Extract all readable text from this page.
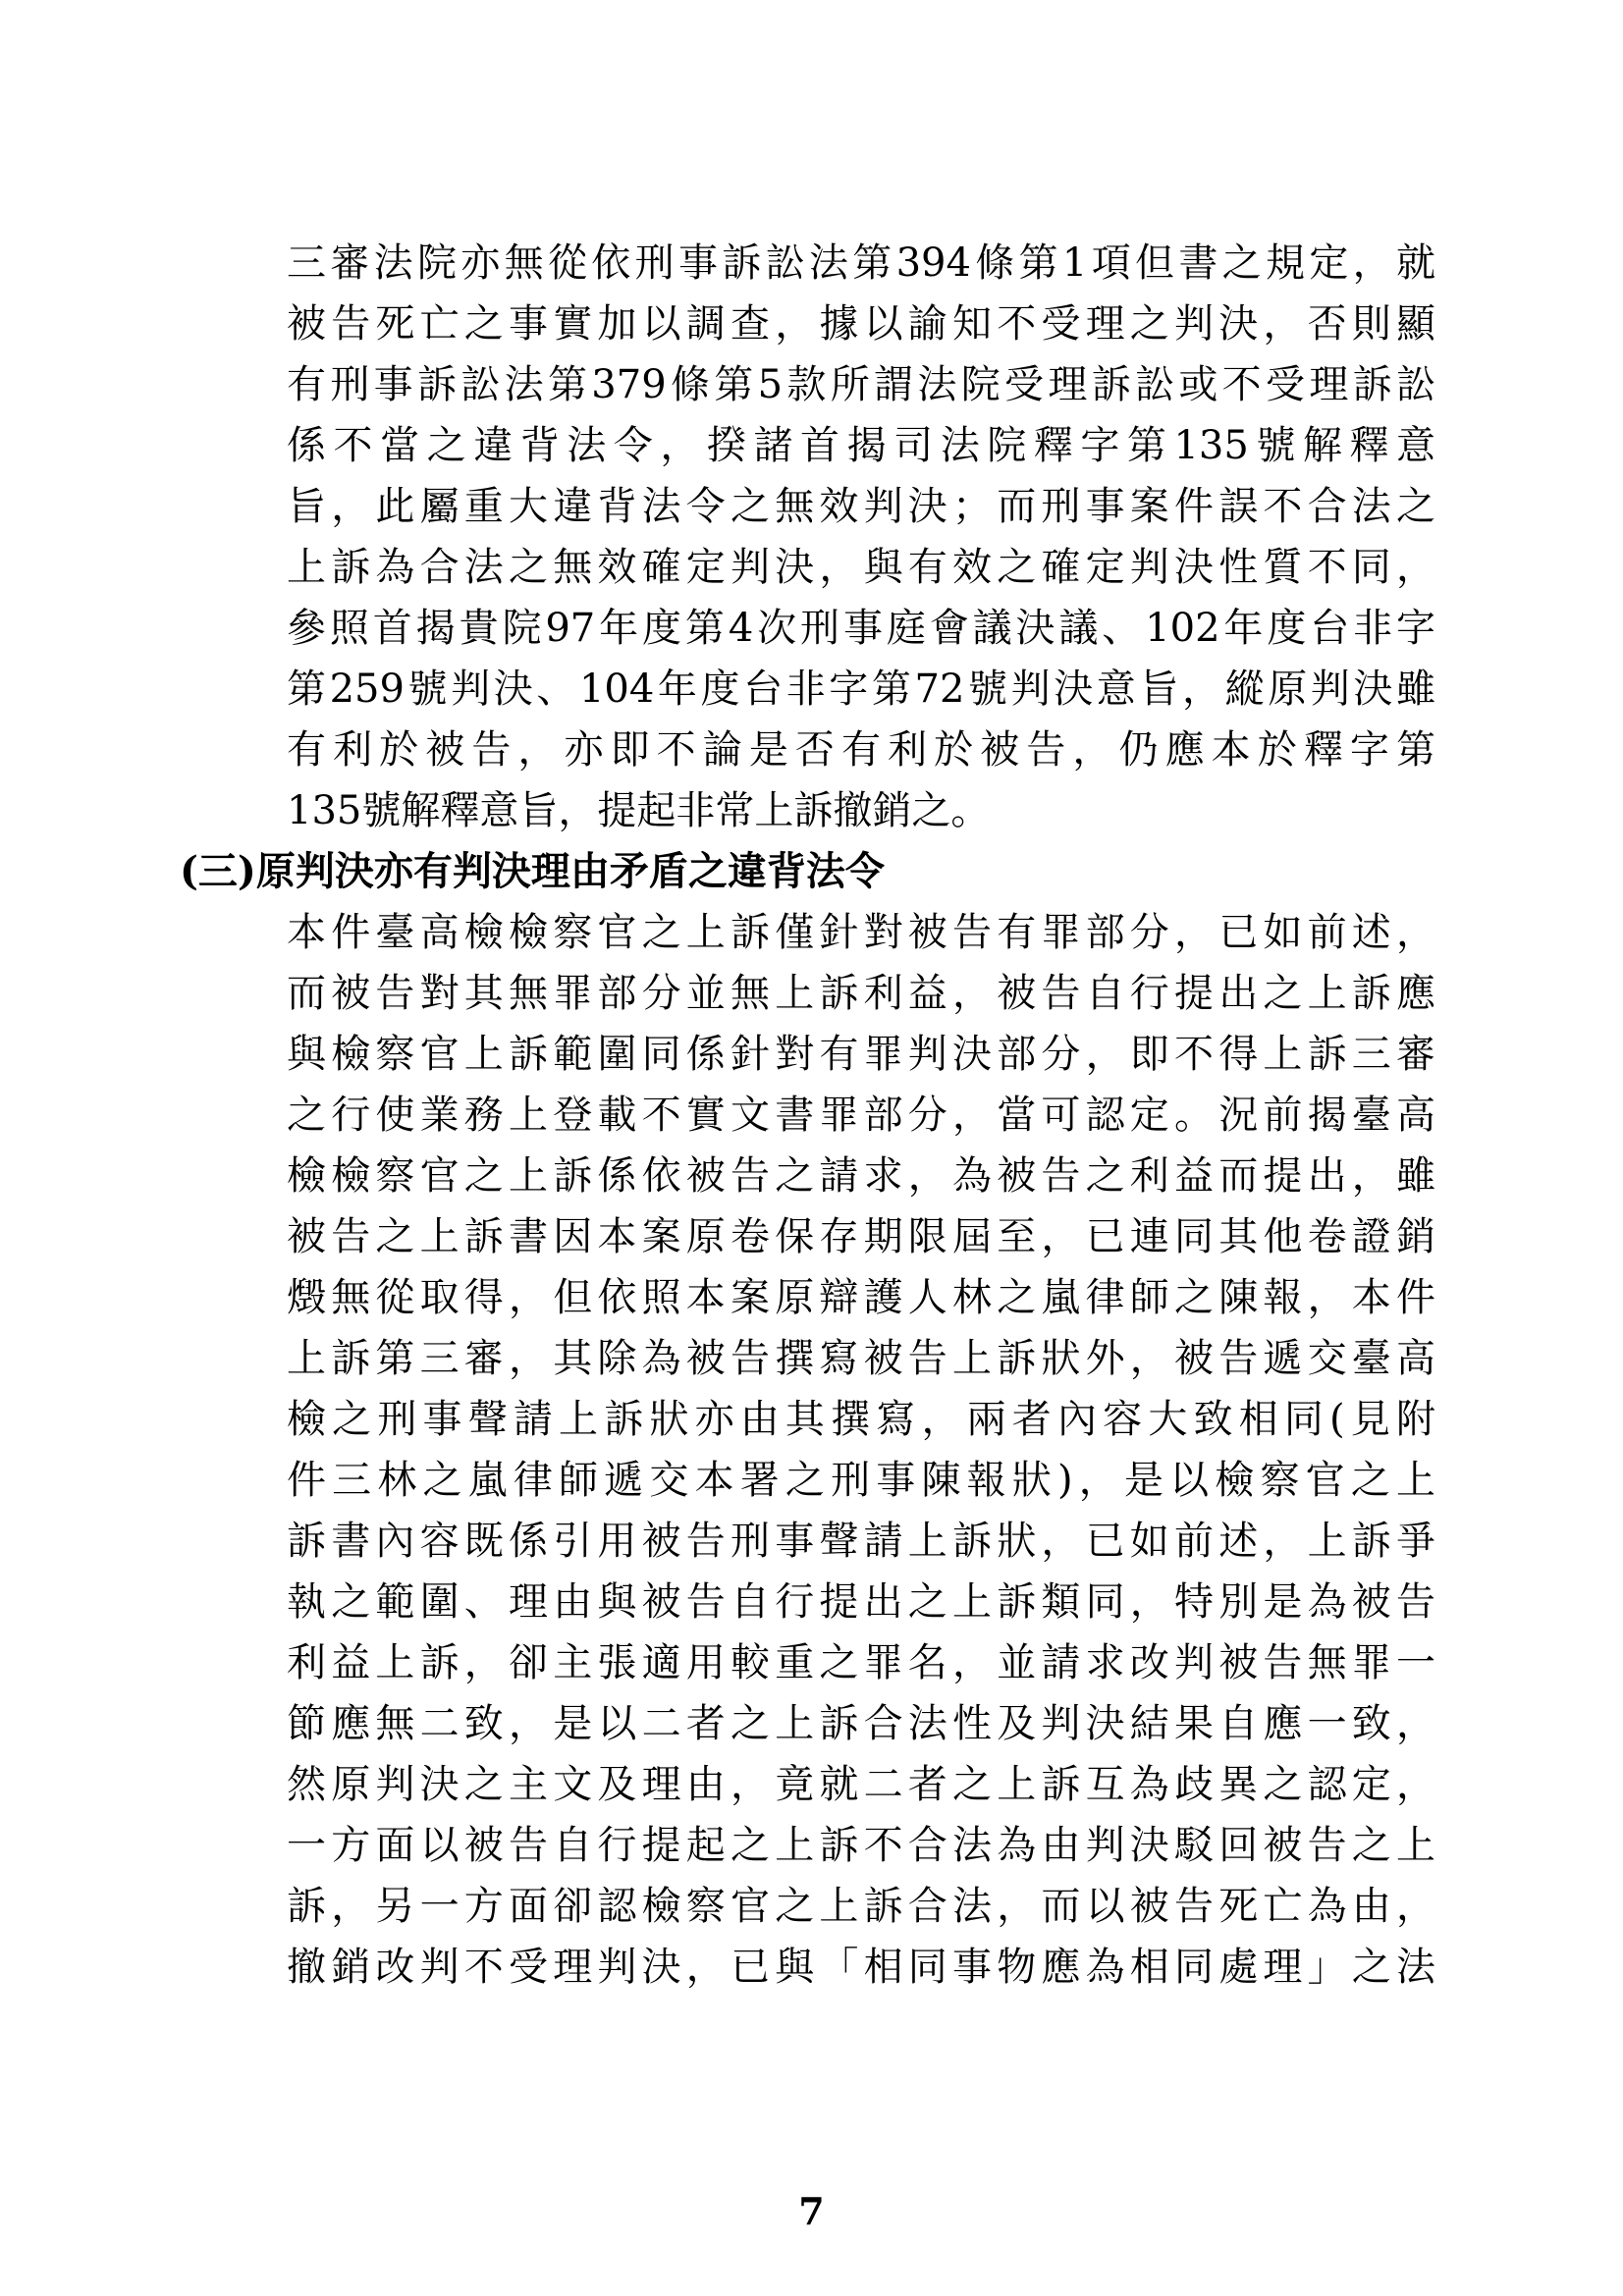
三審法院亦無從依刑事訴訟法第394條第1項但書之規定，就
被告死亡之事實加以調查，據以諭知不受理之判決，否則顯
有刑事訴訟法第379條第5款所謂法院受理訴訟或不受理訴訟
係不當之違背法令，揆諸首揭司法院釋字第135號解釋意
旨，此屬重大違背法令之無效判決；而刑事案件誤不合法之
上訴為合法之無效確定判決，與有效之確定判決性質不同，
參照首揭貴院97年度第4次刑事庭會議決議、102年度台非字
第259號判決、104年度台非字第72號判決意旨，縱原判決雖
有利於被告，亦即不論是否有利於被告，仍應本於釋字第
135號解釋意旨，提起非常上訴撤銷之。
(三)原判決亦有判決理由矛盾之違背法令
本件臺高檢檢察官之上訴僅針對被告有罪部分，已如前述，
而被告對其無罪部分並無上訴利益，被告自行提出之上訴應
與檢察官上訴範圍同係針對有罪判決部分，即不得上訴三審
之行使業務上登載不實文書罪部分，當可認定。況前揭臺高
檢檢察官之上訴係依被告之請求，為被告之利益而提出，雖
被告之上訴書因本案原卷保存期限屆至，已連同其他卷證銷
燬無從取得，但依照本案原辯護人林之嵐律師之陳報，本件
上訴第三審，其除為被告撰寫被告上訴狀外，被告遞交臺高
檢之刑事聲請上訴狀亦由其撰寫，兩者內容大致相同(見附
件三林之嵐律師遞交本署之刑事陳報狀)，是以檢察官之上
訴書內容既係引用被告刑事聲請上訴狀，已如前述，上訴爭
執之範圍、理由與被告自行提出之上訴類同，特別是為被告
利益上訴，卻主張適用較重之罪名，並請求改判被告無罪一
節應無二致，是以二者之上訴合法性及判決結果自應一致，
然原判決之主文及理由，竟就二者之上訴互為歧異之認定，
一方面以被告自行提起之上訴不合法為由判決駁回被告之上
訴，另一方面卻認檢察官之上訴合法，而以被告死亡為由，
撤銷改判不受理判決，已與「相同事物應為相同處理」之法
7
